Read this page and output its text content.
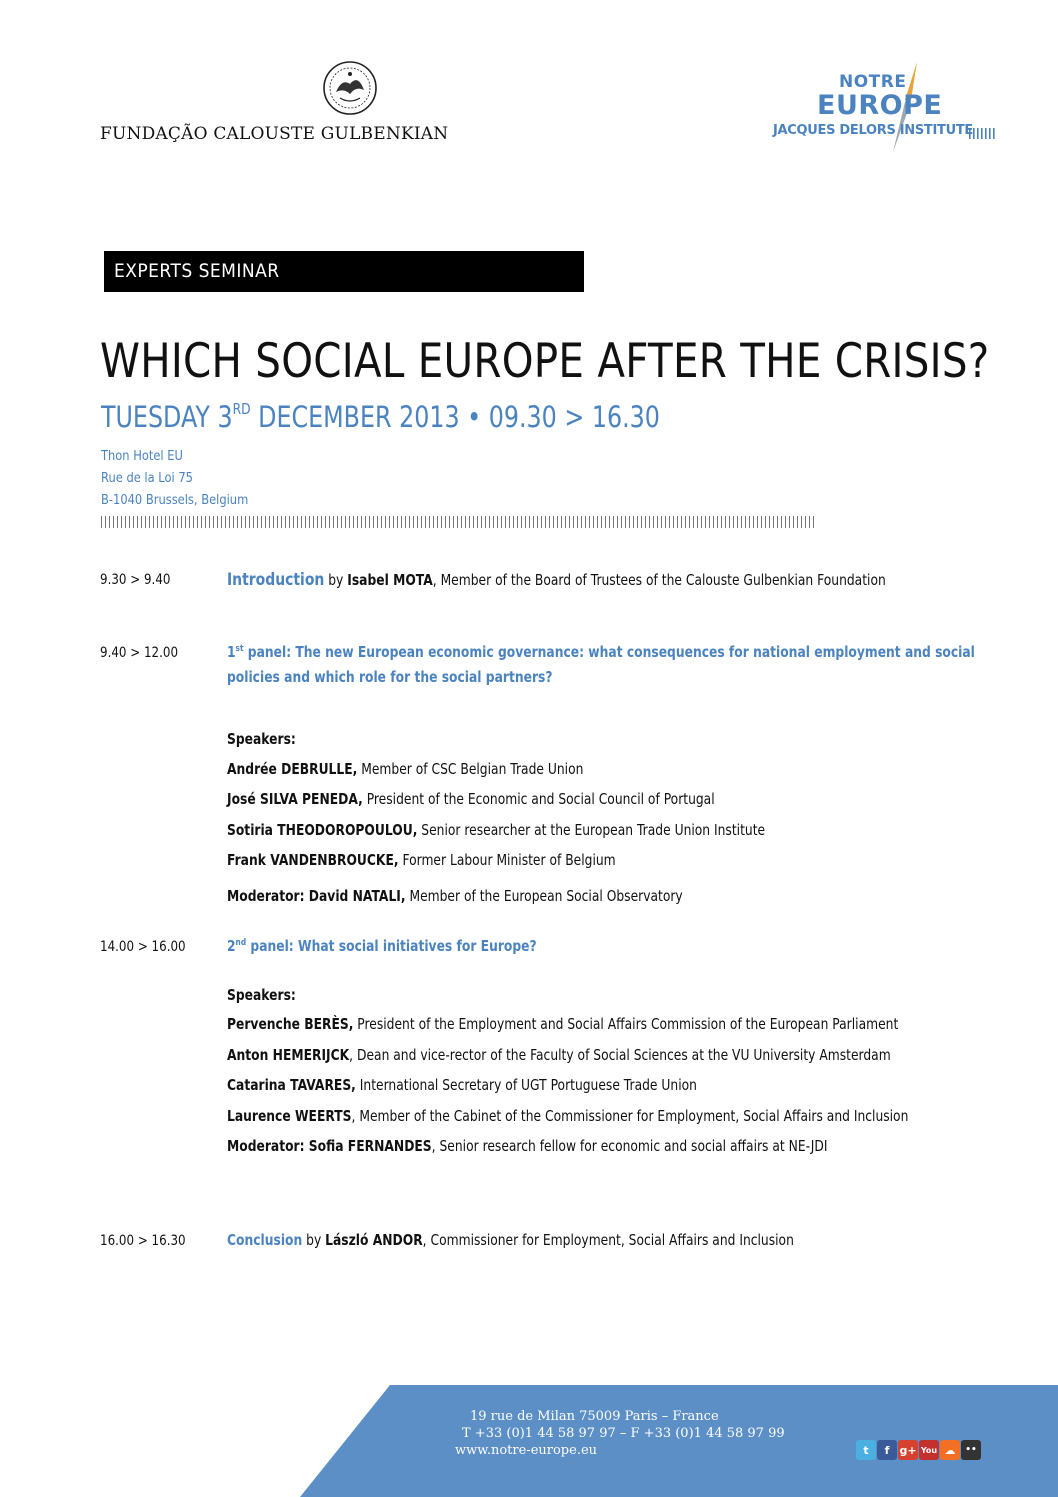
FUNDAÇÃO CALOUSTE GULBENKIAN
NOTRE
EUROPE
JACQUES DELORS INSTITUTE
EXPERTS SEMINAR
WHICH SOCIAL EUROPE AFTER THE CRISIS?
TUESDAY 3RD DECEMBER 2013 • 09.30 > 16.30
Thon Hotel EU
Rue de la Loi 75
B-1040 Brussels, Belgium
9.30 > 9.40	Introduction by Isabel MOTA, Member of the Board of Trustees of the Calouste Gulbenkian Foundation
9.40 > 12.00	1st panel: The new European economic governance: what consequences for national employment and social
policies and which role for the social partners?
Speakers:
Andrée DEBRULLE, Member of CSC Belgian Trade Union
José SILVA PENEDA, President of the Economic and Social Council of Portugal
Sotiria THEODOROPOULOU, Senior researcher at the European Trade Union Institute
Frank VANDENBROUCKE, Former Labour Minister of Belgium
Moderator: David NATALI, Member of the European Social Observatory
14.00 > 16.00	2nd panel: What social initiatives for Europe?
Speakers:
Pervenche BERÈS, President of the Employment and Social Affairs Commission of the European Parliament
Anton HEMERIJCK, Dean and vice-rector of the Faculty of Social Sciences at the VU University Amsterdam
Catarina TAVARES, International Secretary of UGT Portuguese Trade Union
Laurence WEERTS, Member of the Cabinet of the Commissioner for Employment, Social Affairs and Inclusion
Moderator: Sofia FERNANDES, Senior research fellow for economic and social affairs at NE-JDI
16.00 > 16.30	Conclusion by László ANDOR, Commissioner for Employment, Social Affairs and Inclusion
19 rue de Milan 75009 Paris – France
T +33 (0)1 44 58 97 97 – F +33 (0)1 44 58 97 99
www.notre-europe.eu	t	f g+ You ☁	••
